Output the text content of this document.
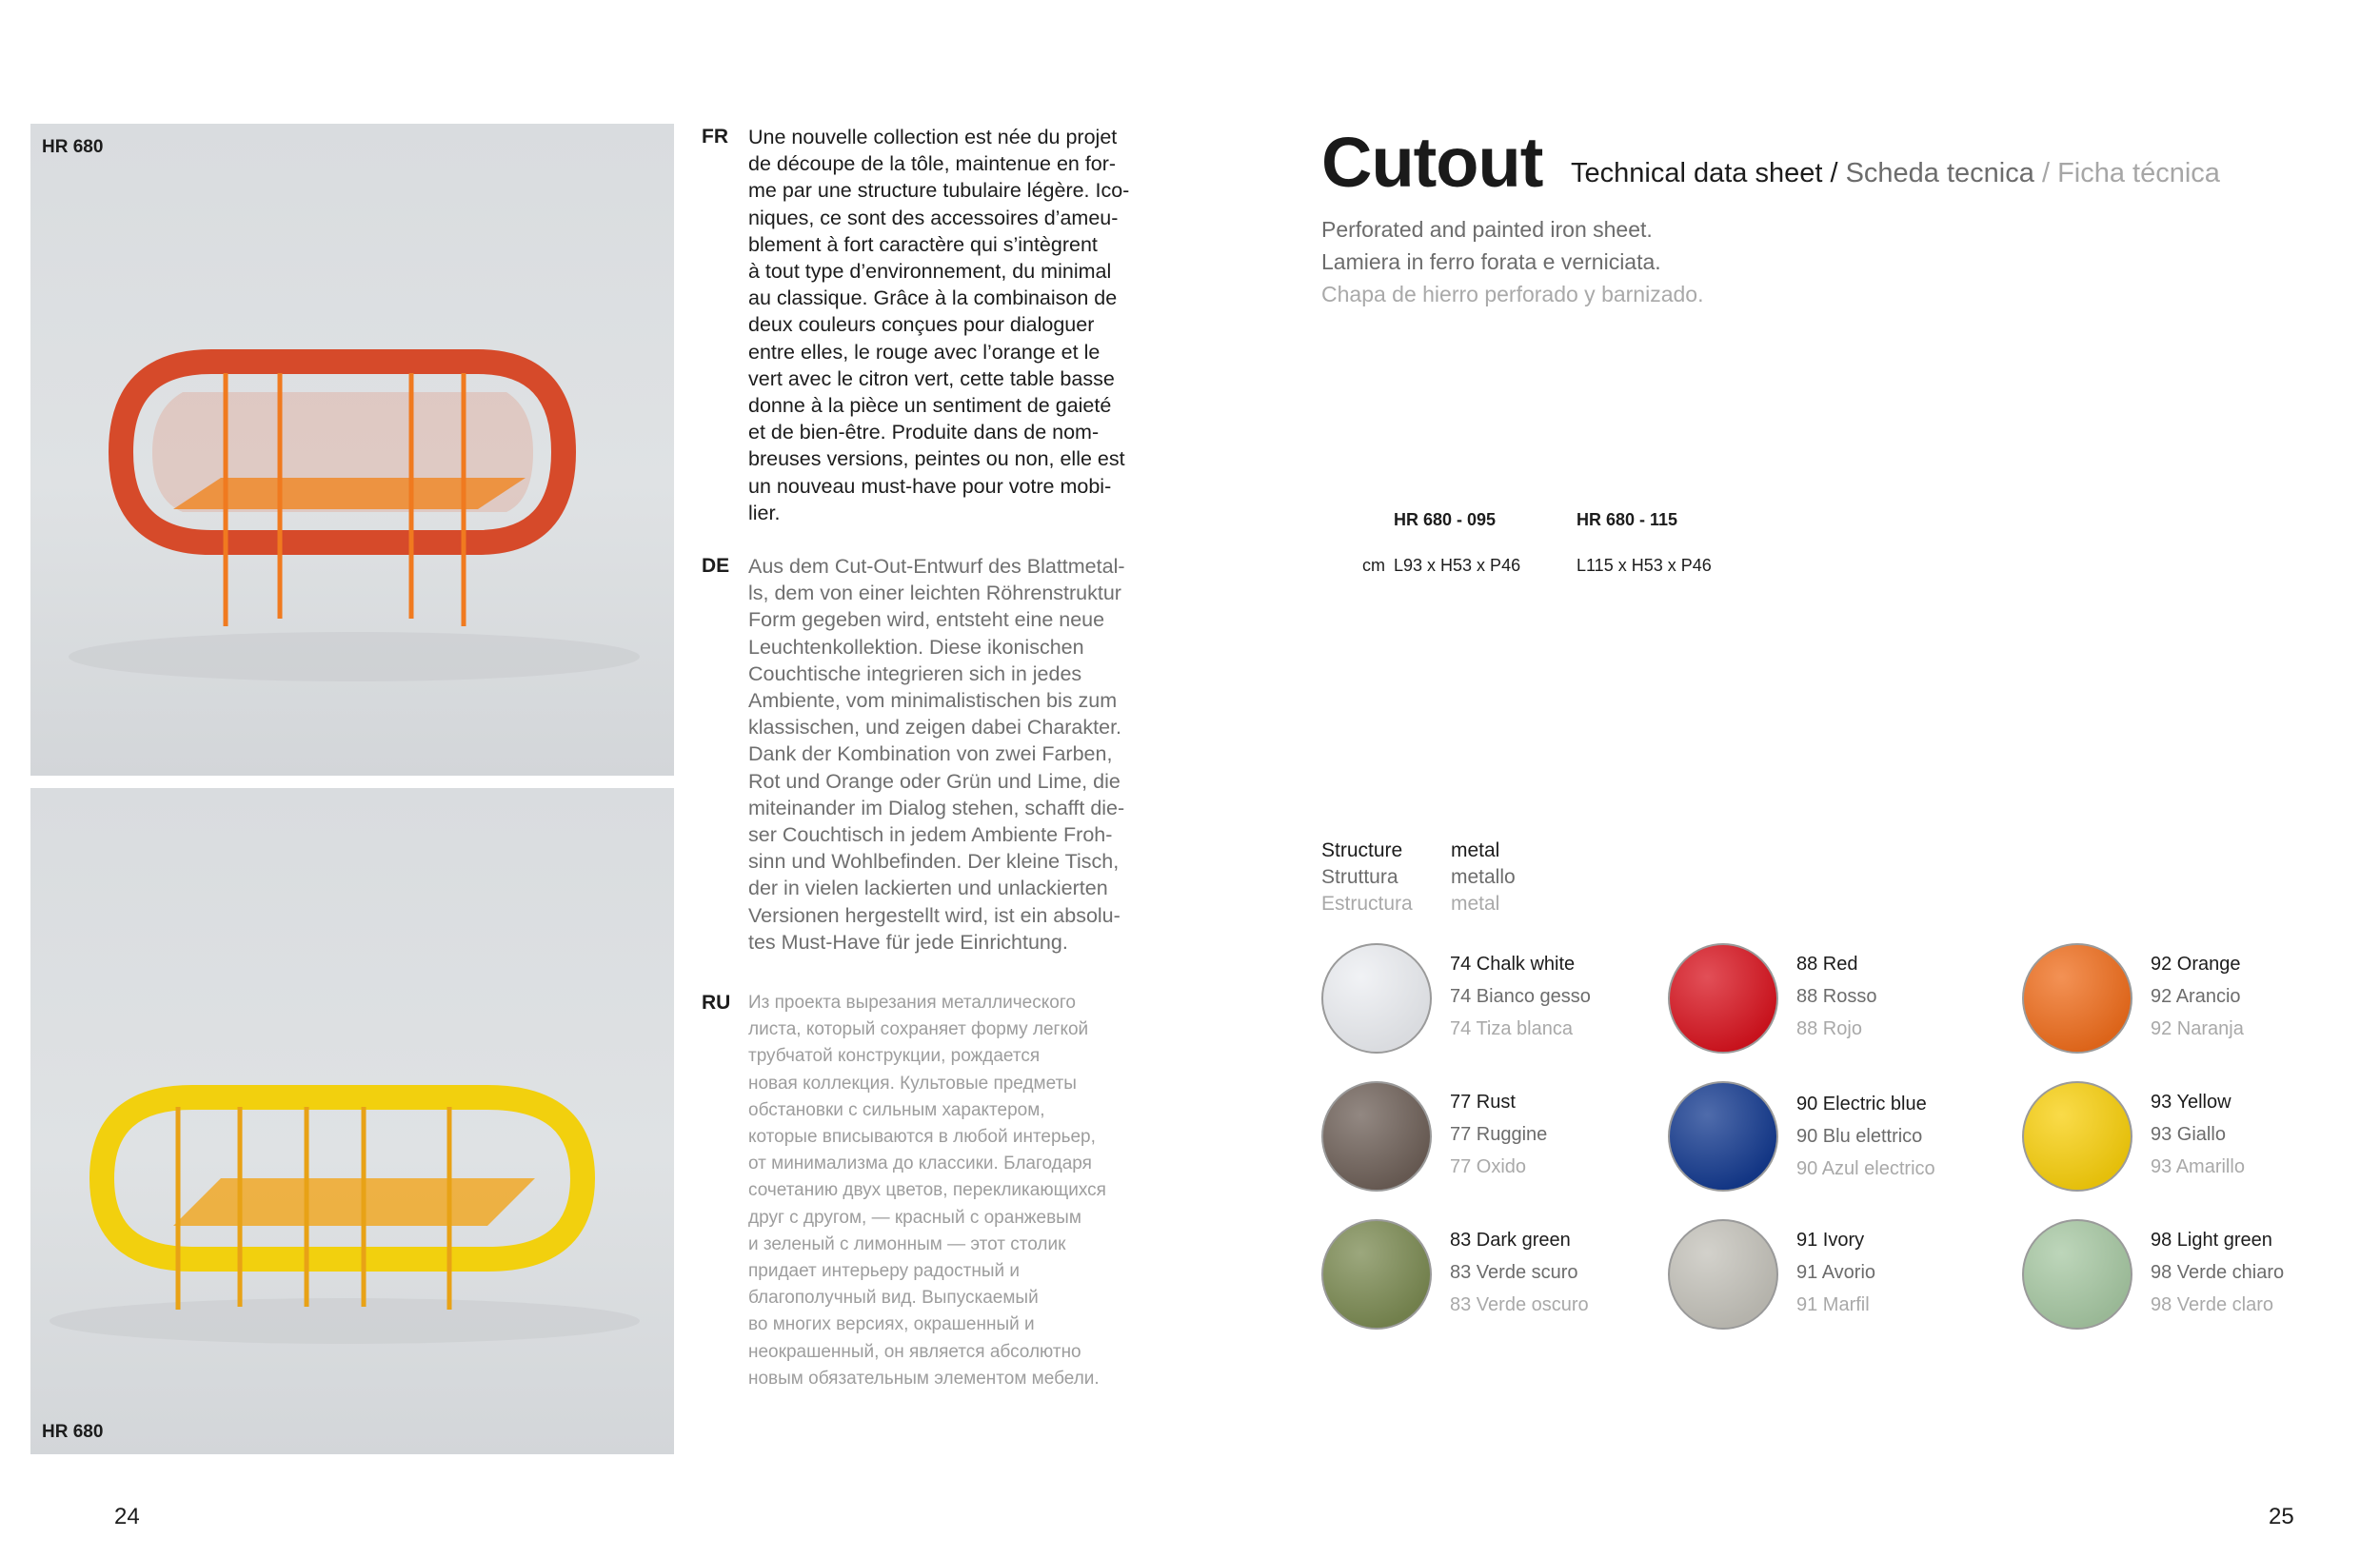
HR 680
HR 680
FR Une nouvelle collection est née du projet
de découpe de la tôle, maintenue en for-
me par une structure tubulaire légère. Ico-
niques, ce sont des accessoires d’ameu-
blement à fort caractère qui s’intègrent
à tout type d’environnement, du minimal
au classique. Grâce à la combinaison de
deux couleurs conçues pour dialoguer
entre elles, le rouge avec l’orange et le
vert avec le citron vert, cette table basse
donne à la pièce un sentiment de gaieté
et de bien-être. Produite dans de nom-
breuses versions, peintes ou non, elle est
un nouveau must-have pour votre mobi-
lier.
DE Aus dem Cut-Out-Entwurf des Blattmetal-
ls, dem von einer leichten Röhrenstruktur
Form gegeben wird, entsteht eine neue
Leuchtenkollektion. Diese ikonischen
Couchtische integrieren sich in jedes
Ambiente, vom minimalistischen bis zum
klassischen, und zeigen dabei Charakter.
Dank der Kombination von zwei Farben,
Rot und Orange oder Grün und Lime, die
miteinander im Dialog stehen, schafft die-
ser Couchtisch in jedem Ambiente Froh-
sinn und Wohlbefinden. Der kleine Tisch,
der in vielen lackierten und unlackierten
Versionen hergestellt wird, ist ein absolu-
tes Must-Have für jede Einrichtung.
RU Из проекта вырезания металлического
листа, который сохраняет форму легкой
трубчатой конструкции, рождается
новая коллекция. Культовые предметы
обстановки с сильным характером,
которые вписываются в любой интерьер,
от минимализма до классики. Благодаря
сочетанию двух цветов, перекликающихся
друг с другом, — красный с оранжевым
и зеленый с лимонным — этот столик
придает интерьеру радостный и
благополучный вид. Выпускаемый
во многих версиях, окрашенный и
неокрашенный, он является абсолютно
новым обязательным элементом мебели.
24
Cutout Technical data sheet / Scheda tecnica / Ficha técnica
Perforated and painted iron sheet.
Lamiera in ferro forata e verniciata.
Chapa de hierro perforado y barnizado.
HR 680 - 095	HR 680 - 115
cm L93 x H53 x P46	L115 x H53 x P46
Structure
Struttura
Estructura
metal
metallo
metal
74 Chalk white
74 Bianco gesso
74 Tiza blanca
88 Red
88 Rosso
88 Rojo
92 Orange
92 Arancio
92 Naranja
77 Rust
77 Ruggine
77 Oxido
90 Electric blue
90 Blu elettrico
90 Azul electrico
93 Yellow
93 Giallo
93 Amarillo
83 Dark green
83 Verde scuro
83 Verde oscuro
91 Ivory
91 Avorio
91 Marfil
98 Light green
98 Verde chiaro
98 Verde claro
25
